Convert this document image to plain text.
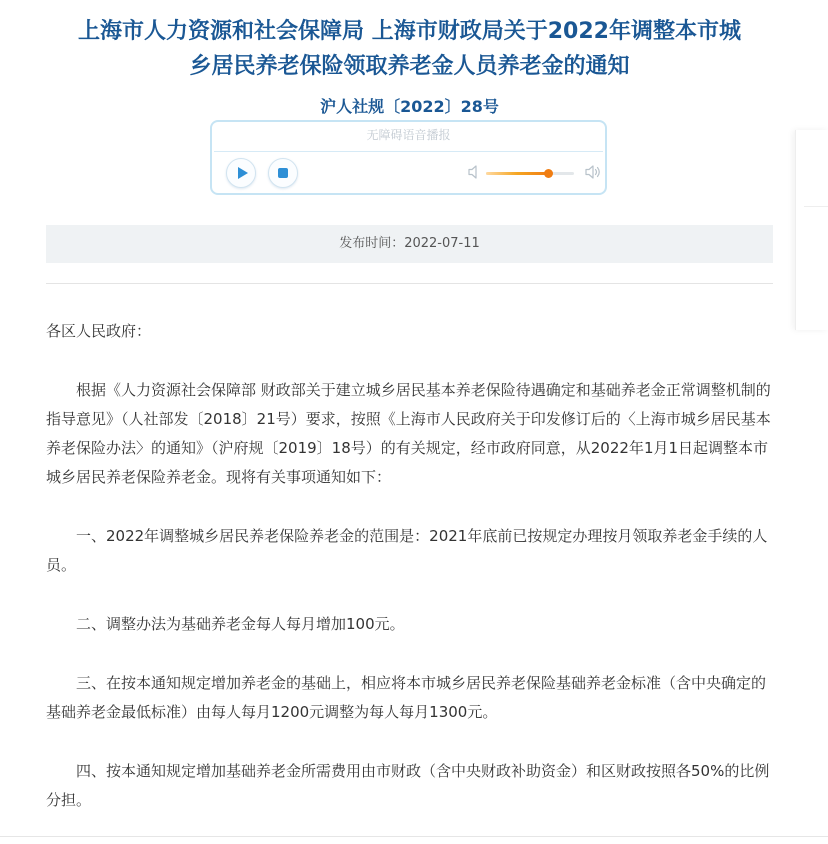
上海市人力资源和社会保障局 上海市财政局关于2022年调整本市城
乡居民养老保险领取养老金人员养老金的通知
沪人社规〔2022〕28号
无障碍语音播报
发布时间：2022-07-11

各区人民政府：

根据《人力资源社会保障部 财政部关于建立城乡居民基本养老保险待遇确定和基础养老金正常调整机制的指导意见》（人社部发〔2018〕21号）要求，按照《上海市人民政府关于印发修订后的〈上海市城乡居民基本养老保险办法〉的通知》（沪府规〔2019〕18号）的有关规定，经市政府同意，从2022年1月1日起调整本市城乡居民养老保险养老金。现将有关事项通知如下：

一、2022年调整城乡居民养老保险养老金的范围是：2021年底前已按规定办理按月领取养老金手续的人员。

二、调整办法为基础养老金每人每月增加100元。

三、在按本通知规定增加养老金的基础上，相应将本市城乡居民养老保险基础养老金标准（含中央确定的基础养老金最低标准）由每人每月1200元调整为每人每月1300元。

四、按本通知规定增加基础养老金所需费用由市财政（含中央财政补助资金）和区财政按照各50%的比例分担。
